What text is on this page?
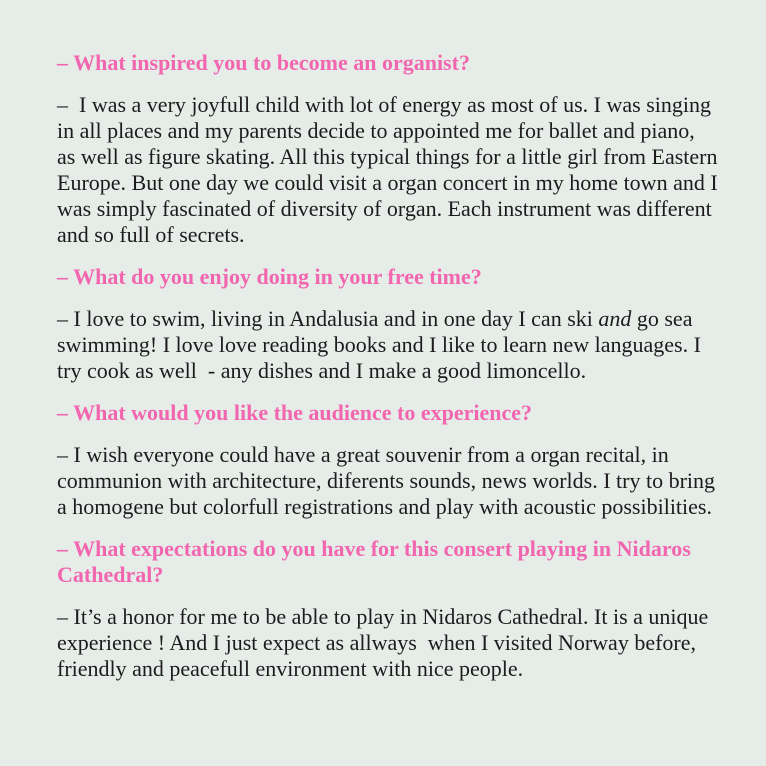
– What inspired you to become an organist?

–  I was a very joyfull child with lot of energy as most of us. I was singing in all places and my parents decide to appointed me for ballet and piano, as well as figure skating. All this typical things for a little girl from Eastern Europe. But one day we could visit a organ concert in my home town and I was simply fascinated of diversity of organ. Each instrument was different and so full of secrets.

– What do you enjoy doing in your free time?

– I love to swim, living in Andalusia and in one day I can ski and go sea swimming! I love love reading books and I like to learn new languages. I try cook as well  - any dishes and I make a good limoncello.

– What would you like the audience to experience?

– I wish everyone could have a great souvenir from a organ recital, in communion with architecture, diferents sounds, news worlds. I try to bring a homogene but colorfull registrations and play with acoustic possibilities.

– What expectations do you have for this consert playing in Nidaros Cathedral?

– It’s a honor for me to be able to play in Nidaros Cathedral. It is a unique experience ! And I just expect as allways  when I visited Norway before, friendly and peacefull environment with nice people.
